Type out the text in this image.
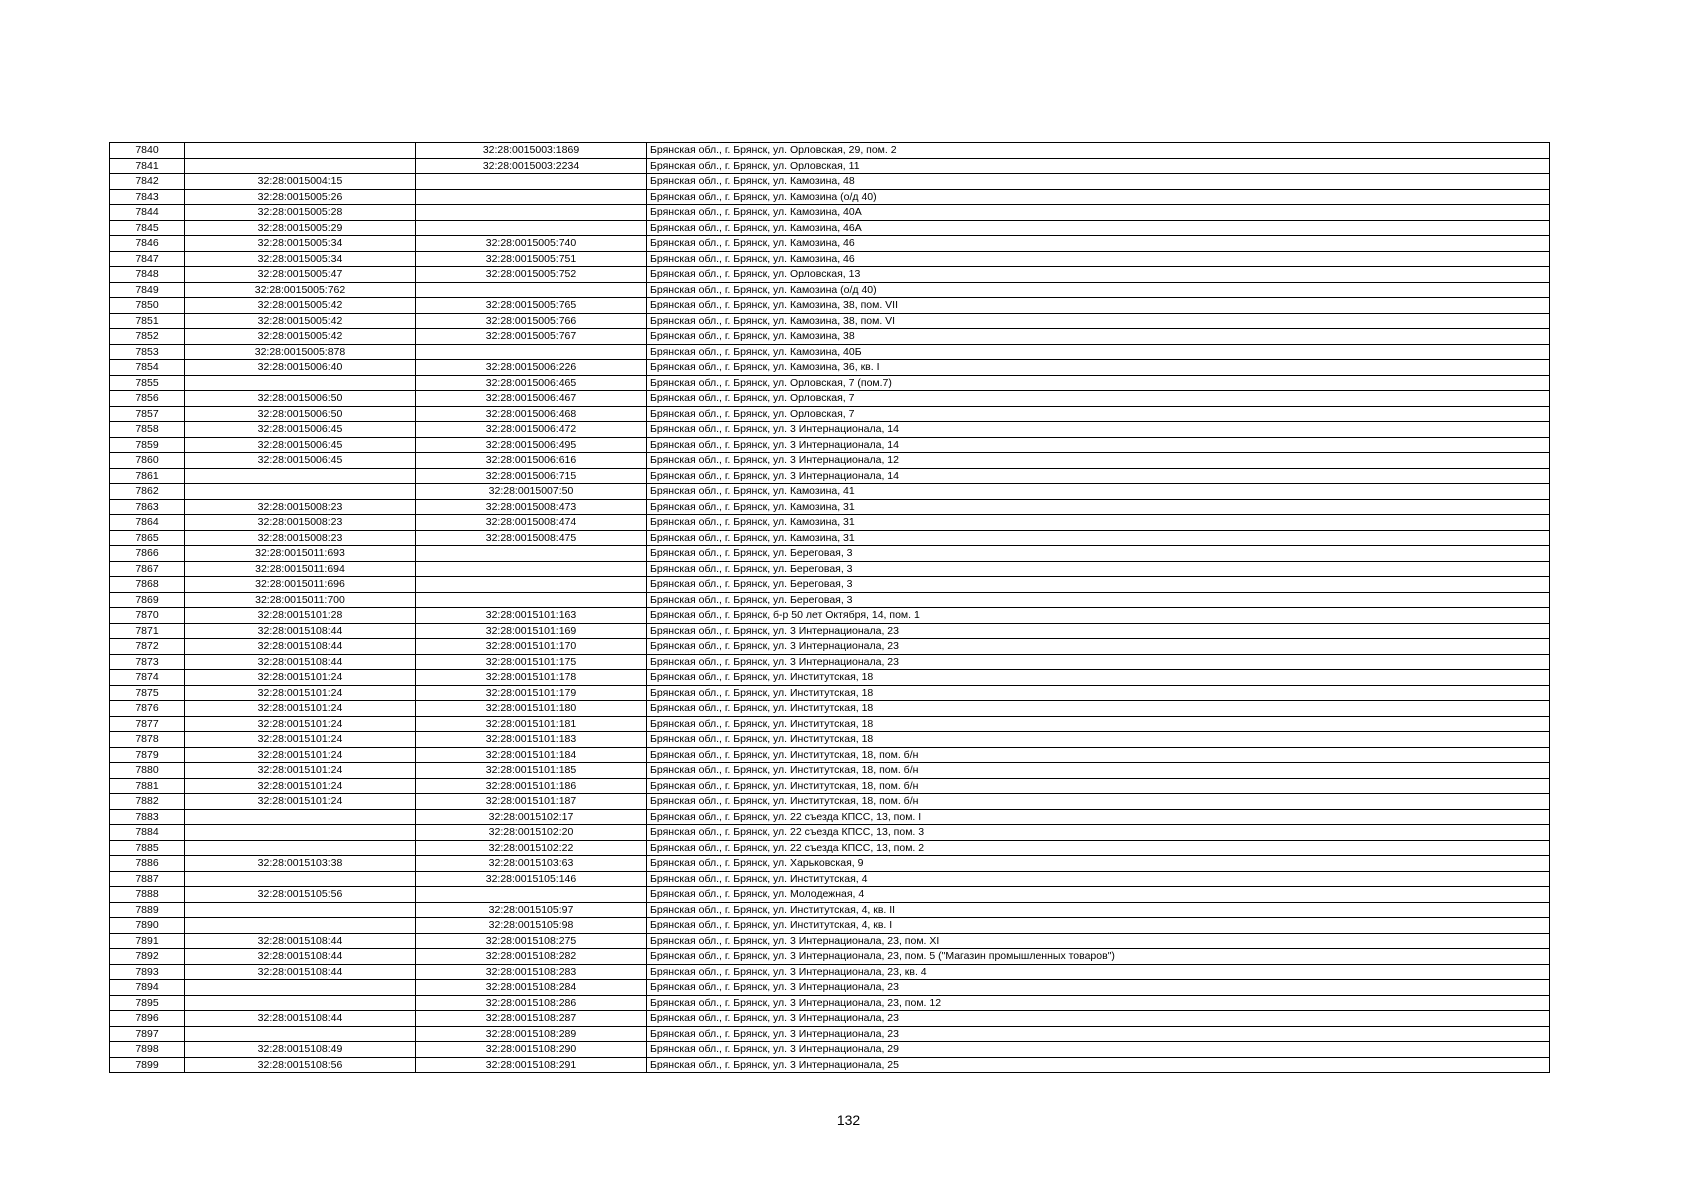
7840		32:28:0015003:1869	Брянская обл., г. Брянск, ул. Орловская, 29, пом. 2
7841		32:28:0015003:2234	Брянская обл., г. Брянск, ул. Орловская, 11
7842	32:28:0015004:15		Брянская обл., г. Брянск, ул. Камозина, 48
7843	32:28:0015005:26		Брянская обл., г. Брянск, ул. Камозина (о/д 40)
7844	32:28:0015005:28		Брянская обл., г. Брянск, ул. Камозина, 40А
7845	32:28:0015005:29		Брянская обл., г. Брянск, ул. Камозина, 46А
7846	32:28:0015005:34	32:28:0015005:740	Брянская обл., г. Брянск, ул. Камозина, 46
7847	32:28:0015005:34	32:28:0015005:751	Брянская обл., г. Брянск, ул. Камозина, 46
7848	32:28:0015005:47	32:28:0015005:752	Брянская обл., г. Брянск, ул. Орловская, 13
7849	32:28:0015005:762		Брянская обл., г. Брянск, ул. Камозина (о/д 40)
7850	32:28:0015005:42	32:28:0015005:765	Брянская обл., г. Брянск, ул. Камозина, 38, пом. VII
7851	32:28:0015005:42	32:28:0015005:766	Брянская обл., г. Брянск, ул. Камозина, 38, пом. VI
7852	32:28:0015005:42	32:28:0015005:767	Брянская обл., г. Брянск, ул. Камозина, 38
7853	32:28:0015005:878		Брянская обл., г. Брянск, ул. Камозина, 40Б
7854	32:28:0015006:40	32:28:0015006:226	Брянская обл., г. Брянск, ул. Камозина, 36, кв. I
7855		32:28:0015006:465	Брянская обл., г. Брянск, ул. Орловская, 7 (пом.7)
7856	32:28:0015006:50	32:28:0015006:467	Брянская обл., г. Брянск, ул. Орловская, 7
7857	32:28:0015006:50	32:28:0015006:468	Брянская обл., г. Брянск, ул. Орловская, 7
7858	32:28:0015006:45	32:28:0015006:472	Брянская обл., г. Брянск, ул. 3 Интернационала, 14
7859	32:28:0015006:45	32:28:0015006:495	Брянская обл., г. Брянск, ул. 3 Интернационала, 14
7860	32:28:0015006:45	32:28:0015006:616	Брянская обл., г. Брянск, ул. 3 Интернационала, 12
7861		32:28:0015006:715	Брянская обл., г. Брянск, ул. 3 Интернационала, 14
7862		32:28:0015007:50	Брянская обл., г. Брянск, ул. Камозина, 41
7863	32:28:0015008:23	32:28:0015008:473	Брянская обл., г. Брянск, ул. Камозина, 31
7864	32:28:0015008:23	32:28:0015008:474	Брянская обл., г. Брянск, ул. Камозина, 31
7865	32:28:0015008:23	32:28:0015008:475	Брянская обл., г. Брянск, ул. Камозина, 31
7866	32:28:0015011:693		Брянская обл., г. Брянск, ул. Береговая, 3
7867	32:28:0015011:694		Брянская обл., г. Брянск, ул. Береговая, 3
7868	32:28:0015011:696		Брянская обл., г. Брянск, ул. Береговая, 3
7869	32:28:0015011:700		Брянская обл., г. Брянск, ул. Береговая, 3
7870	32:28:0015101:28	32:28:0015101:163	Брянская обл., г. Брянск, б-р 50 лет Октября, 14, пом. 1
7871	32:28:0015108:44	32:28:0015101:169	Брянская обл., г. Брянск, ул. 3 Интернационала, 23
7872	32:28:0015108:44	32:28:0015101:170	Брянская обл., г. Брянск, ул. 3 Интернационала, 23
7873	32:28:0015108:44	32:28:0015101:175	Брянская обл., г. Брянск, ул. 3 Интернационала, 23
7874	32:28:0015101:24	32:28:0015101:178	Брянская обл., г. Брянск, ул. Институтская, 18
7875	32:28:0015101:24	32:28:0015101:179	Брянская обл., г. Брянск, ул. Институтская, 18
7876	32:28:0015101:24	32:28:0015101:180	Брянская обл., г. Брянск, ул. Институтская, 18
7877	32:28:0015101:24	32:28:0015101:181	Брянская обл., г. Брянск, ул. Институтская, 18
7878	32:28:0015101:24	32:28:0015101:183	Брянская обл., г. Брянск, ул. Институтская, 18
7879	32:28:0015101:24	32:28:0015101:184	Брянская обл., г. Брянск, ул. Институтская, 18, пом. б/н
7880	32:28:0015101:24	32:28:0015101:185	Брянская обл., г. Брянск, ул. Институтская, 18, пом. б/н
7881	32:28:0015101:24	32:28:0015101:186	Брянская обл., г. Брянск, ул. Институтская, 18, пом. б/н
7882	32:28:0015101:24	32:28:0015101:187	Брянская обл., г. Брянск, ул. Институтская, 18, пом. б/н
7883		32:28:0015102:17	Брянская обл., г. Брянск, ул. 22 съезда КПСС, 13, пом. I
7884		32:28:0015102:20	Брянская обл., г. Брянск, ул. 22 съезда КПСС, 13, пом. 3
7885		32:28:0015102:22	Брянская обл., г. Брянск, ул. 22 съезда КПСС, 13, пом. 2
7886	32:28:0015103:38	32:28:0015103:63	Брянская обл., г. Брянск, ул. Харьковская, 9
7887		32:28:0015105:146	Брянская обл., г. Брянск, ул. Институтская, 4
7888	32:28:0015105:56		Брянская обл., г. Брянск, ул. Молодежная, 4
7889		32:28:0015105:97	Брянская обл., г. Брянск, ул. Институтская, 4, кв. II
7890		32:28:0015105:98	Брянская обл., г. Брянск, ул. Институтская, 4, кв. I
7891	32:28:0015108:44	32:28:0015108:275	Брянская обл., г. Брянск, ул. 3 Интернационала, 23, пом. XI
7892	32:28:0015108:44	32:28:0015108:282	Брянская обл., г. Брянск, ул. 3 Интернационала, 23, пом. 5 ("Магазин промышленных товаров")
7893	32:28:0015108:44	32:28:0015108:283	Брянская обл., г. Брянск, ул. 3 Интернационала, 23, кв. 4
7894		32:28:0015108:284	Брянская обл., г. Брянск, ул. 3 Интернационала, 23
7895		32:28:0015108:286	Брянская обл., г. Брянск, ул. 3 Интернационала, 23, пом. 12
7896	32:28:0015108:44	32:28:0015108:287	Брянская обл., г. Брянск, ул. 3 Интернационала, 23
7897		32:28:0015108:289	Брянская обл., г. Брянск, ул. 3 Интернационала, 23
7898	32:28:0015108:49	32:28:0015108:290	Брянская обл., г. Брянск, ул. 3 Интернационала, 29
7899	32:28:0015108:56	32:28:0015108:291	Брянская обл., г. Брянск, ул. 3 Интернационала, 25
132
